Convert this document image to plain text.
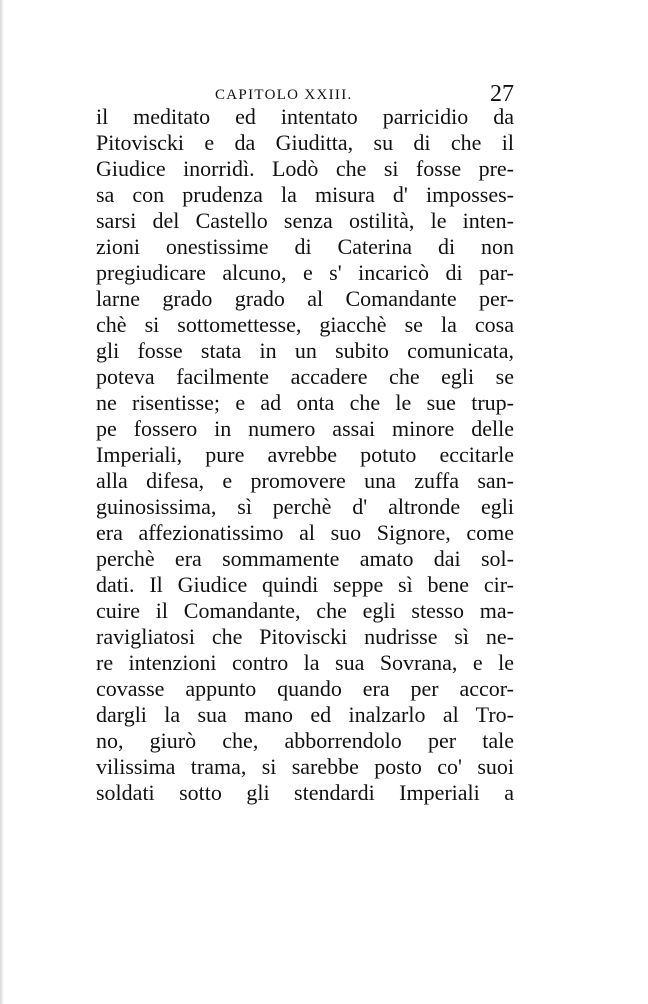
CAPITOLO XXIII.	27
il meditato ed intentato parricidio da
Pitoviscki e da Giuditta, su di che il
Giudice inorridì. Lodò che si fosse pre-
sa con prudenza la misura d' imposses-
sarsi del Castello senza ostilità, le inten-
zioni onestissime di Caterina di non
pregiudicare alcuno, e s' incaricò di par-
larne grado grado al Comandante per-
chè si sottomettesse, giacchè se la cosa
gli fosse stata in un subito comunicata,
poteva facilmente accadere che egli se
ne risentisse; e ad onta che le sue trup-
pe fossero in numero assai minore delle
Imperiali, pure avrebbe potuto eccitarle
alla difesa, e promovere una zuffa san-
guinosissima, sì perchè d' altronde egli
era affezionatissimo al suo Signore, come
perchè era sommamente amato dai sol-
dati. Il Giudice quindi seppe sì bene cir-
cuire il Comandante, che egli stesso ma-
ravigliatosi che Pitoviscki nudrisse sì ne-
re intenzioni contro la sua Sovrana, e le
covasse appunto quando era per accor-
dargli la sua mano ed inalzarlo al Tro-
no, giurò che, abborrendolo per tale
vilissima trama, si sarebbe posto co' suoi
soldati sotto gli stendardi Imperiali a
